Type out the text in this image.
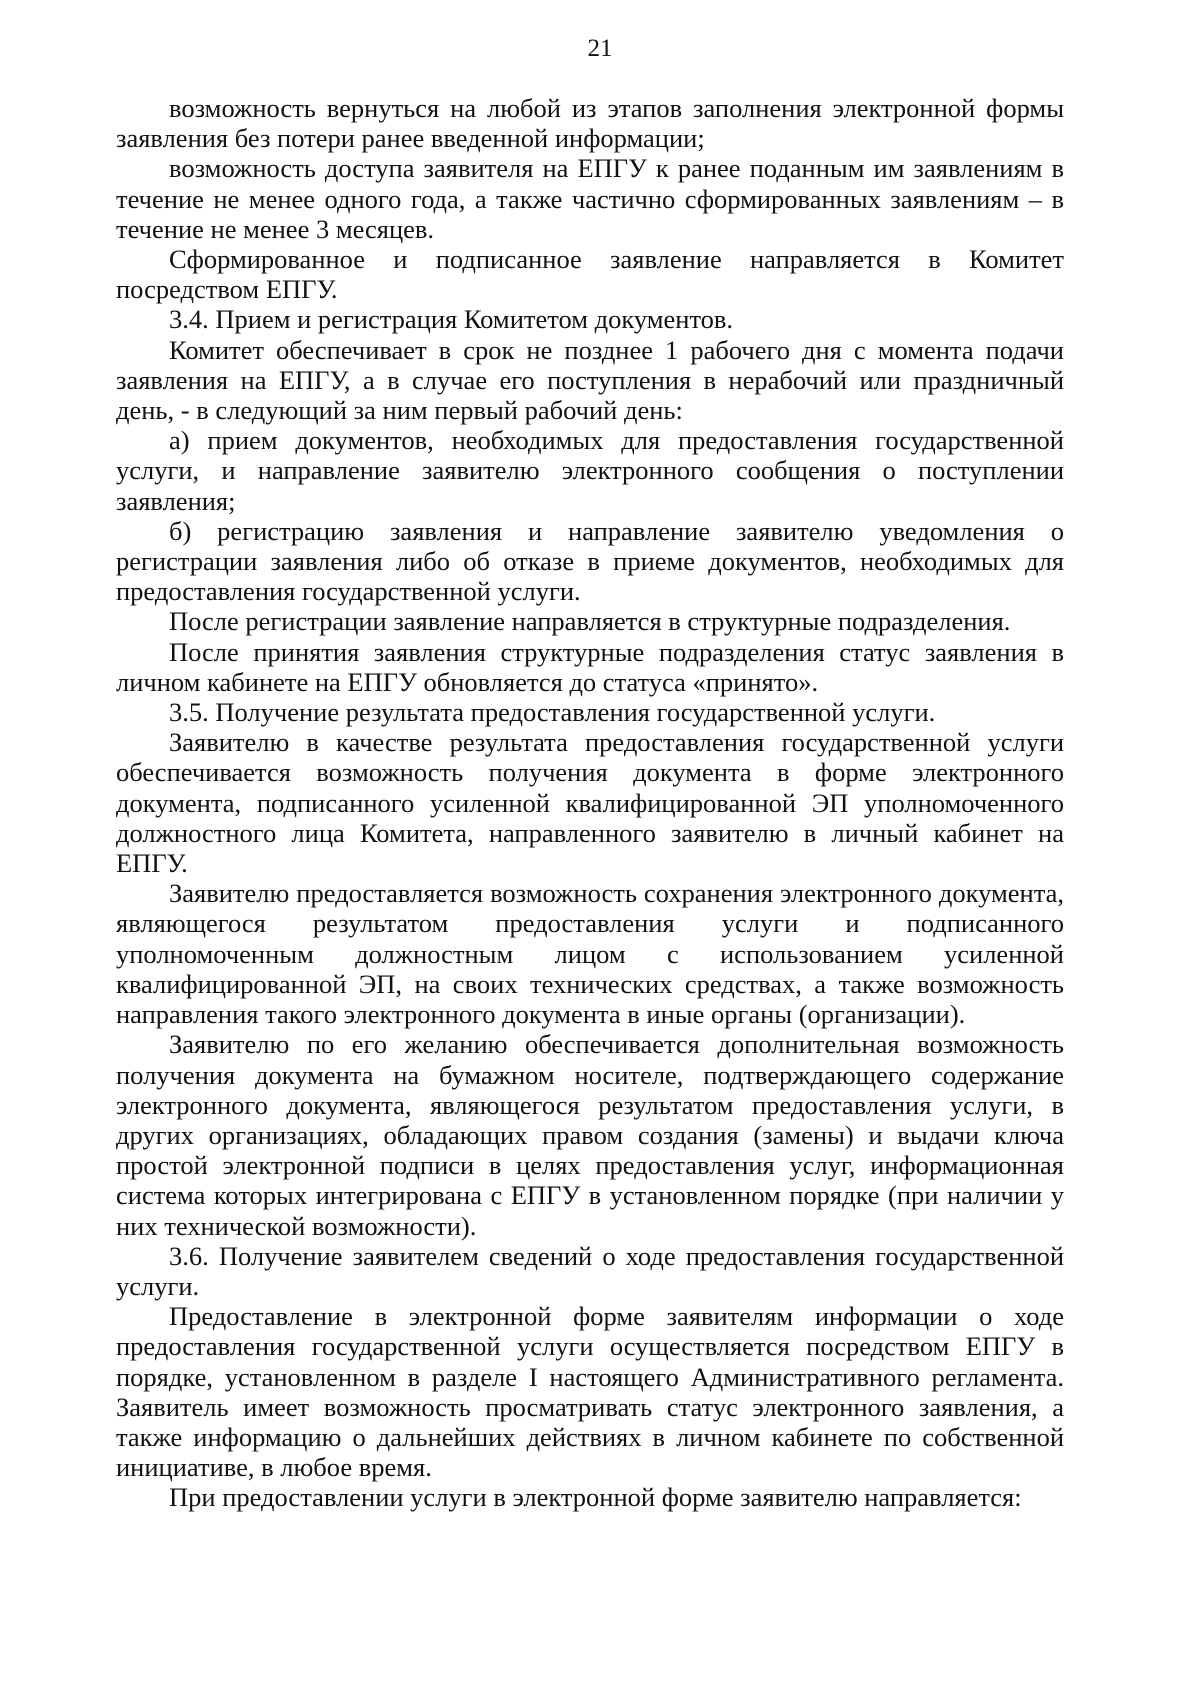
21

возможность вернуться на любой из этапов заполнения электронной формы заявления без потери ранее введенной информации;

возможность доступа заявителя на ЕПГУ к ранее поданным им заявлениям в течение не менее одного года, а также частично сформированных заявлениям – в течение не менее 3 месяцев.

Сформированное и подписанное заявление направляется в Комитет посредством ЕПГУ.

3.4. Прием и регистрация Комитетом документов.

Комитет обеспечивает в срок не позднее 1 рабочего дня с момента подачи заявления на ЕПГУ, а в случае его поступления в нерабочий или праздничный день, - в следующий за ним первый рабочий день:

а) прием документов, необходимых для предоставления государственной услуги, и направление заявителю электронного сообщения о поступлении заявления;

б) регистрацию заявления и направление заявителю уведомления о регистрации заявления либо об отказе в приеме документов, необходимых для предоставления государственной услуги.

После регистрации заявление направляется в структурные подразделения.

После принятия заявления структурные подразделения статус заявления в личном кабинете на ЕПГУ обновляется до статуса «принято».

3.5. Получение результата предоставления государственной услуги.

Заявителю в качестве результата предоставления государственной услуги обеспечивается возможность получения документа в форме электронного документа, подписанного усиленной квалифицированной ЭП уполномоченного должностного лица Комитета, направленного заявителю в личный кабинет на ЕПГУ.

Заявителю предоставляется возможность сохранения электронного документа, являющегося результатом предоставления услуги и подписанного уполномоченным должностным лицом с использованием усиленной квалифицированной ЭП, на своих технических средствах, а также возможность направления такого электронного документа в иные органы (организации).

Заявителю по его желанию обеспечивается дополнительная возможность получения документа на бумажном носителе, подтверждающего содержание электронного документа, являющегося результатом предоставления услуги, в других организациях, обладающих правом создания (замены) и выдачи ключа простой электронной подписи в целях предоставления услуг, информационная система которых интегрирована с ЕПГУ в установленном порядке (при наличии у них технической возможности).

3.6. Получение заявителем сведений о ходе предоставления государственной услуги.

Предоставление в электронной форме заявителям информации о ходе предоставления государственной услуги осуществляется посредством ЕПГУ в порядке, установленном в разделе I настоящего Административного регламента. Заявитель имеет возможность просматривать статус электронного заявления, а также информацию о дальнейших действиях в личном кабинете по собственной инициативе, в любое время.

При предоставлении услуги в электронной форме заявителю направляется:
